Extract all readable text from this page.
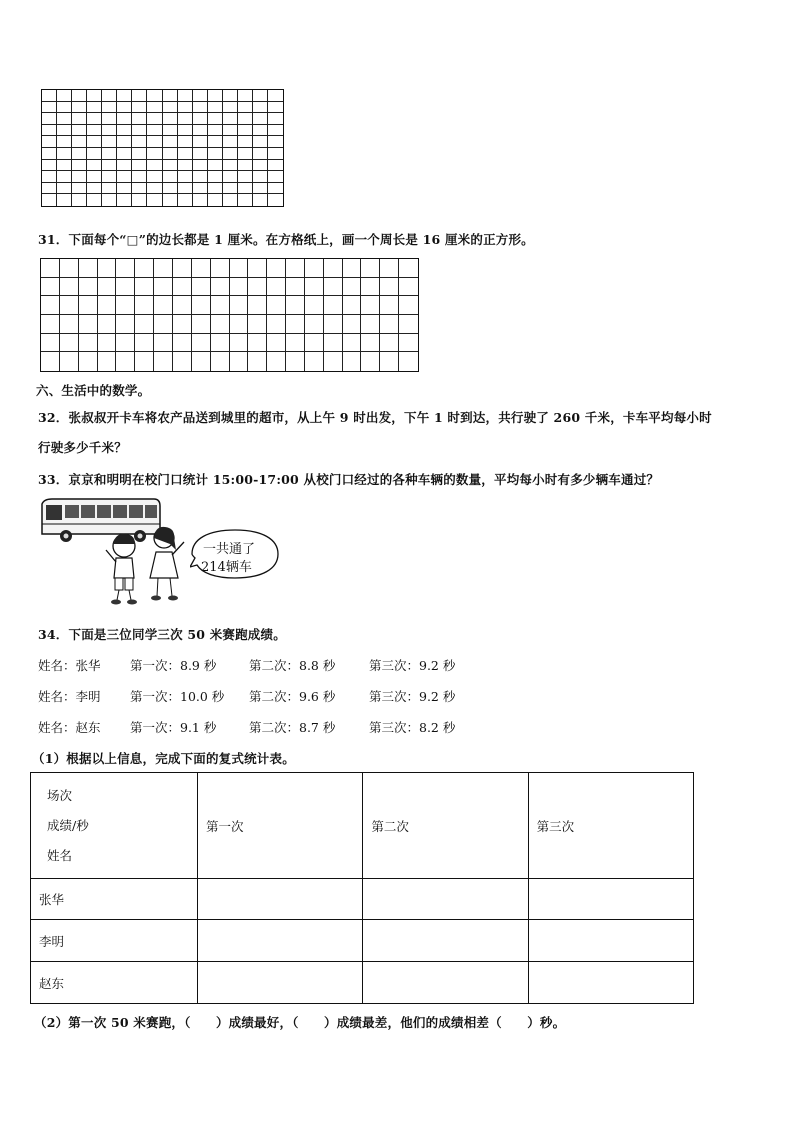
31．下面每个“□”的边长都是 1 厘米。在方格纸上，画一个周长是 16 厘米的正方形。
六、生活中的数学。
32．张叔叔开卡车将农产品送到城里的超市，从上午 9 时出发，下午 1 时到达，共行驶了 260 千米，卡车平均每小时
行驶多少千米？
33．京京和明明在校门口统计 15:00-17:00 从校门口经过的各种车辆的数量，平均每小时有多少辆车通过？
一共通了
214辆车
34．下面是三位同学三次 50 米赛跑成绩。
姓名：张华 第一次：8.9 秒	第二次：8.8 秒	第三次：9.2 秒
姓名：李明 第一次：10.0 秒 第二次：9.6 秒	第三次：9.2 秒
姓名：赵东 第一次：9.1 秒	第二次：8.7 秒	第三次：8.2 秒
（1）根据以上信息，完成下面的复式统计表。
场次
成绩/秒
姓名	第一次	第二次	第三次
张华			
李明			
赵东			
（2）第一次 50 米赛跑，（　　）成绩最好，（　　）成绩最差，他们的成绩相差（　　）秒。
